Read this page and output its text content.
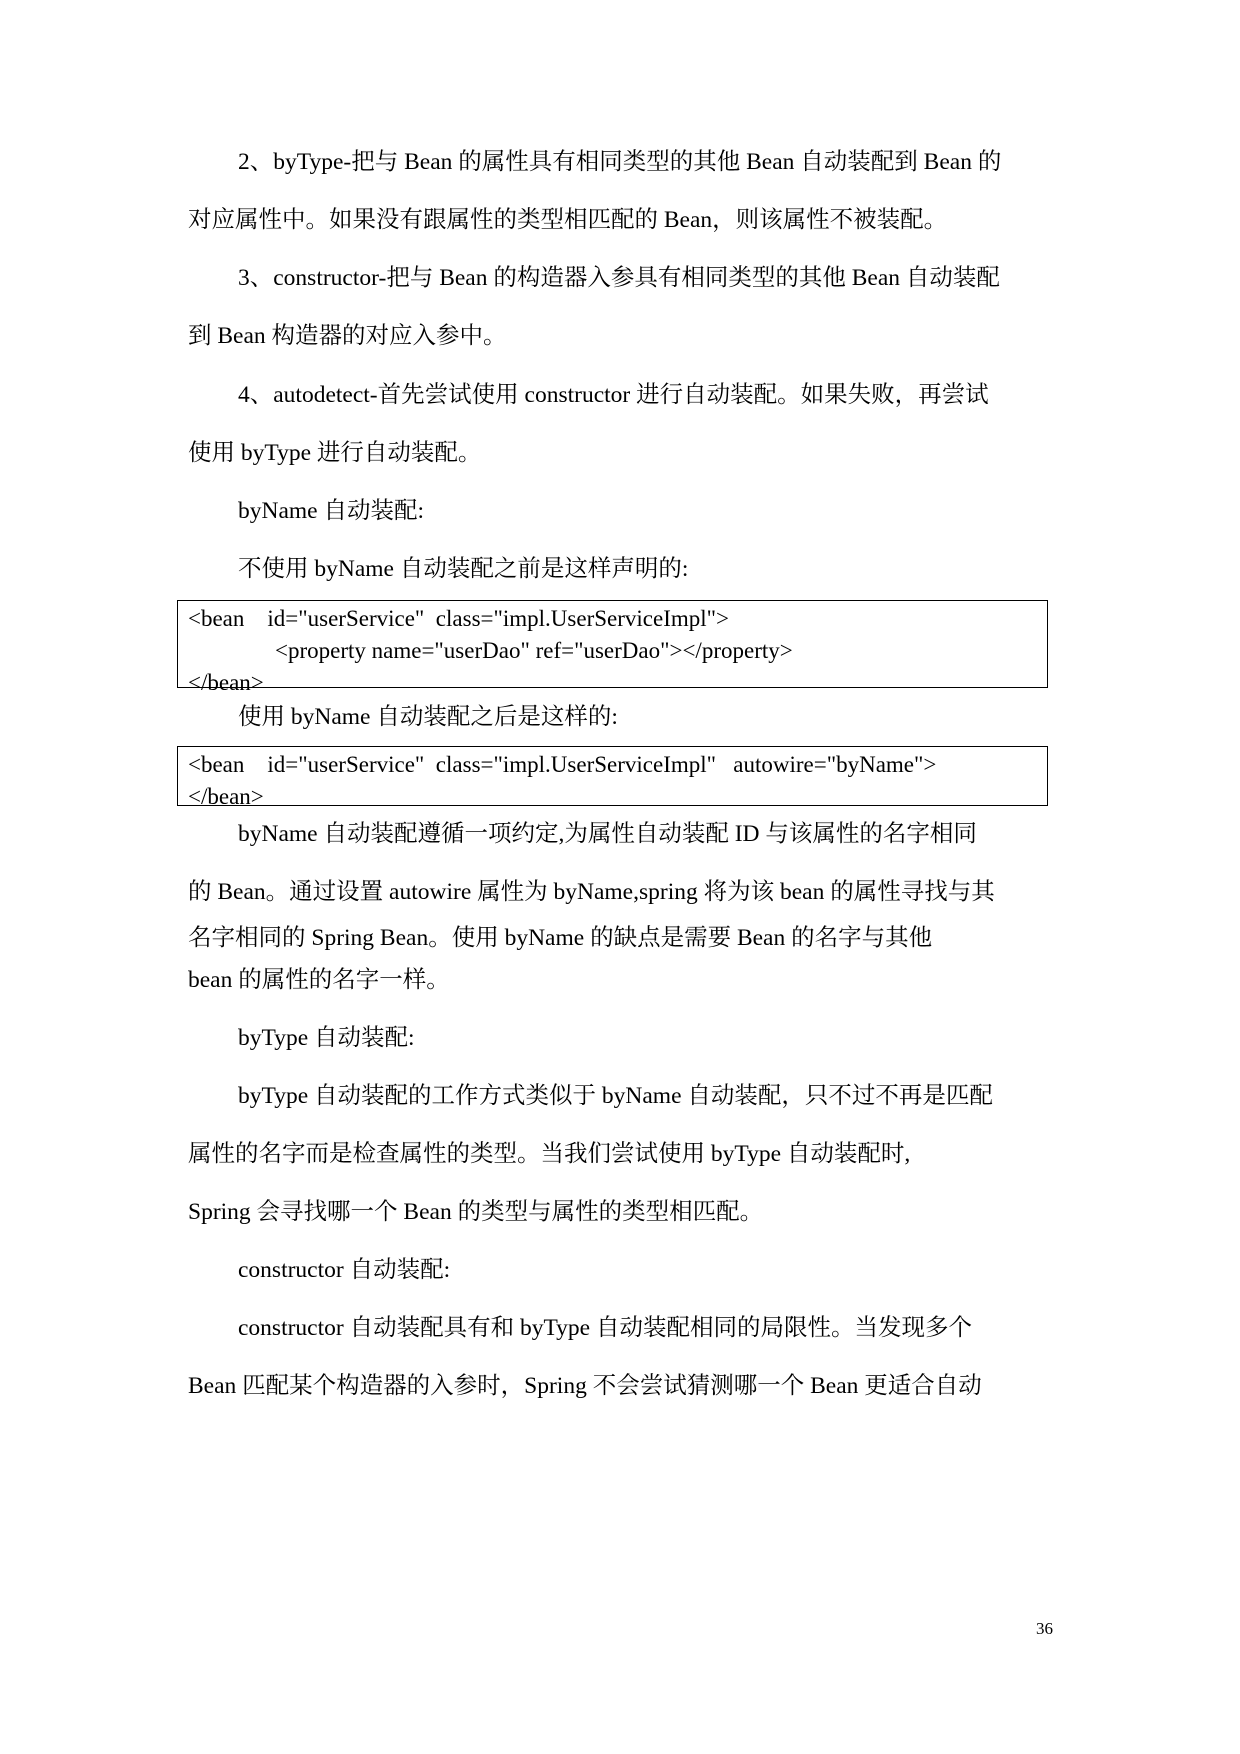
2、byType-把与 Bean 的属性具有相同类型的其他 Bean 自动装配到 Bean 的
对应属性中。如果没有跟属性的类型相匹配的 Bean，则该属性不被装配。
3、constructor-把与 Bean 的构造器入参具有相同类型的其他 Bean 自动装配
到 Bean 构造器的对应入参中。
4、autodetect-首先尝试使用 constructor 进行自动装配。如果失败，再尝试
使用 byType 进行自动装配。
byName 自动装配:
不使用 byName 自动装配之前是这样声明的:
<bean    id="userService"  class="impl.UserServiceImpl">
<property name="userDao" ref="userDao"></property>
</bean>
使用 byName 自动装配之后是这样的:
<bean    id="userService"  class="impl.UserServiceImpl"   autowire="byName">
</bean>
byName 自动装配遵循一项约定,为属性自动装配 ID 与该属性的名字相同
的 Bean。通过设置 autowire 属性为 byName,spring 将为该 bean 的属性寻找与其
名字相同的 Spring Bean。使用 byName 的缺点是需要 Bean 的名字与其他
bean 的属性的名字一样。
byType 自动装配:
byType 自动装配的工作方式类似于 byName 自动装配，只不过不再是匹配
属性的名字而是检查属性的类型。当我们尝试使用 byType 自动装配时,
Spring 会寻找哪一个 Bean 的类型与属性的类型相匹配。
constructor 自动装配:
constructor 自动装配具有和 byType 自动装配相同的局限性。当发现多个
Bean 匹配某个构造器的入参时，Spring 不会尝试猜测哪一个 Bean 更适合自动
36
